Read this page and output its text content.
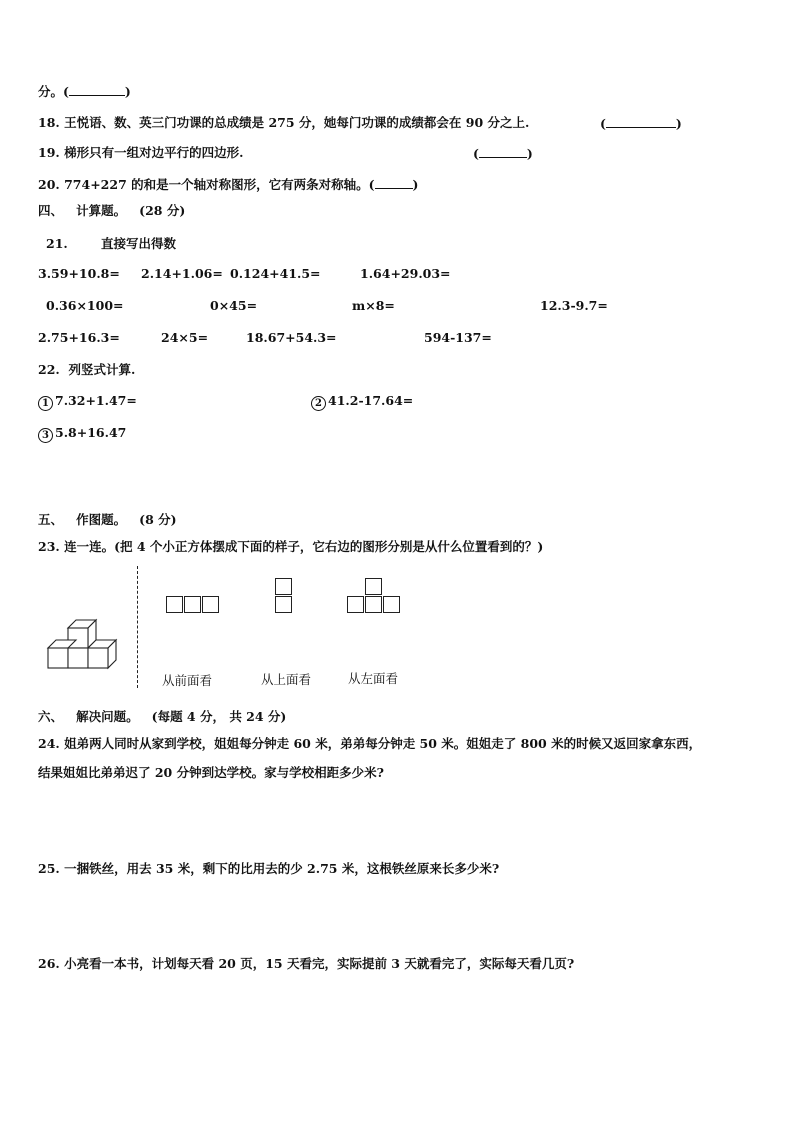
分。(	)
18. 王悦语、数、英三门功课的总成绩是 275 分，她每门功课的成绩都会在 90 分之上.	(	)
19. 梯形只有一组对边平行的四边形.	(	)
20. 774+227 的和是一个轴对称图形，它有两条对称轴。(	)
四、 计算题。 (28 分)
21.	直接写出得数
3.59+10.8= 2.14+1.06= 0.124+41.5=	1.64+29.03=
0.36×100=	0×45=	m×8=	12.3-9.7=
2.75+16.3=	24×5=	18.67+54.3=	594-137=
22. 列竖式计算.
1 7.32+1.47=	2 41.2-17.64=
3 5.8+16.47
五、 作图题。 (8 分)
23. 连一连。(把 4 个小正方体摆成下面的样子，它右边的图形分别是从什么位置看到的？)
从前面看	从上面看	从左面看
六、 解决问题。 (每题 4 分， 共 24 分)
24. 姐弟两人同时从家到学校，姐姐每分钟走 60 米，弟弟每分钟走 50 米。姐姐走了 800 米的时候又返回家拿东西，
结果姐姐比弟弟迟了 20 分钟到达学校。家与学校相距多少米?
25. 一捆铁丝，用去 35 米，剩下的比用去的少 2.75 米，这根铁丝原来长多少米?
26. 小亮看一本书，计划每天看 20 页，15 天看完，实际提前 3 天就看完了，实际每天看几页?
